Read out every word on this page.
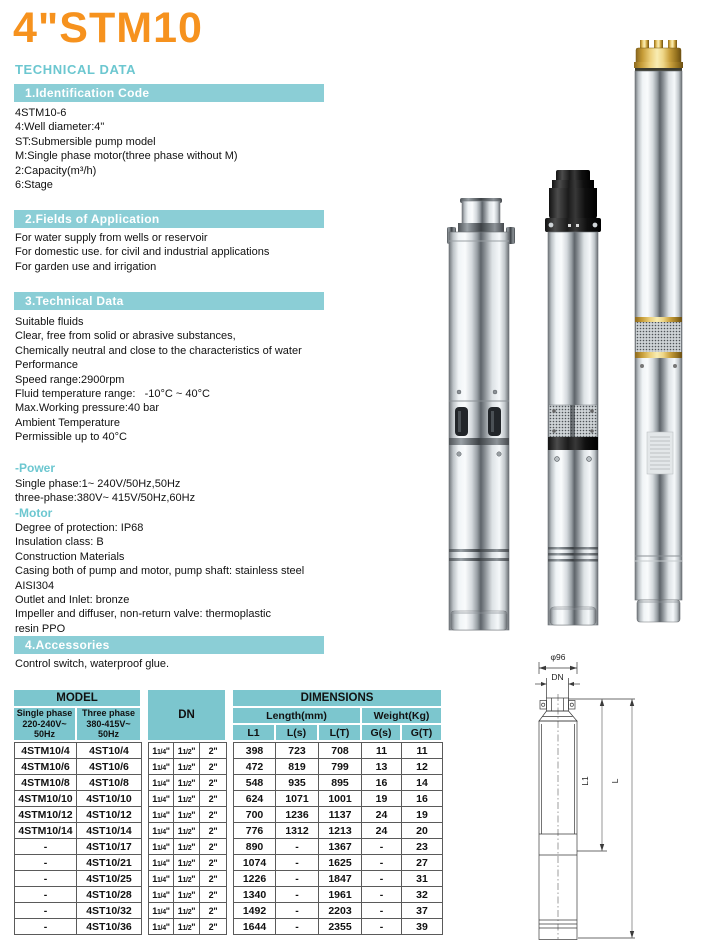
4"STM10
TECHNICAL DATA
1.Identification Code
4STM10-6
4:Well diameter:4"
ST:Submersible pump model
M:Single phase motor(three phase without M)
2:Capacity(m³/h)
6:Stage
2.Fields of Application
For water supply from wells or reservoir
For domestic use. for civil and industrial applications
For garden use and irrigation
3.Technical Data
Suitable fluids
Clear, free from solid or abrasive substances,
Chemically neutral and close to the characteristics of water
Performance
Speed range:2900rpm
Fluid temperature range:   -10°C ~ 40°C
Max.Working pressure:40 bar
Ambient Temperature
Permissible up to 40°C
-Power
Single phase:1~ 240V/50Hz,50Hz
three-phase:380V~ 415V/50Hz,60Hz
-Motor
Degree of protection: IP68
Insulation class: B
Construction Materials
Casing both of pump and motor, pump shaft: stainless steel
AISI304
Outlet and Inlet: bronze
Impeller and diffuser, non-return valve: thermoplastic
resin PPO
4.Accessories
Control switch, waterproof glue.
φ96
DN
L1 L
MODEL			DN				DIMENSIONS				
Single phase
220-240V~
50Hz	Three phase
380-415V~
50Hz						Length(mm)			Weight(Kg)	
							L1	L(s)	L(T)	G(s)	G(T)
4STM10/4	4ST10/4		11/4"	11/2"	2"		398	723	708	11	11
4STM10/6	4ST10/6		11/4"	11/2"	2"		472	819	799	13	12
4STM10/8	4ST10/8		11/4"	11/2"	2"		548	935	895	16	14
4STM10/10	4ST10/10		11/4"	11/2"	2"		624	1071	1001	19	16
4STM10/12	4ST10/12		11/4"	11/2"	2"		700	1236	1137	24	19
4STM10/14	4ST10/14		11/4"	11/2"	2"		776	1312	1213	24	20
-	4ST10/17		11/4"	11/2"	2"		890	-	1367	-	23
-	4ST10/21		11/4"	11/2"	2"		1074	-	1625	-	27
-	4ST10/25		11/4"	11/2"	2"		1226	-	1847	-	31
-	4ST10/28		11/4"	11/2"	2"		1340	-	1961	-	32
-	4ST10/32		11/4"	11/2"	2"		1492	-	2203	-	37
-	4ST10/36		11/4"	11/2"	2"		1644	-	2355	-	39
